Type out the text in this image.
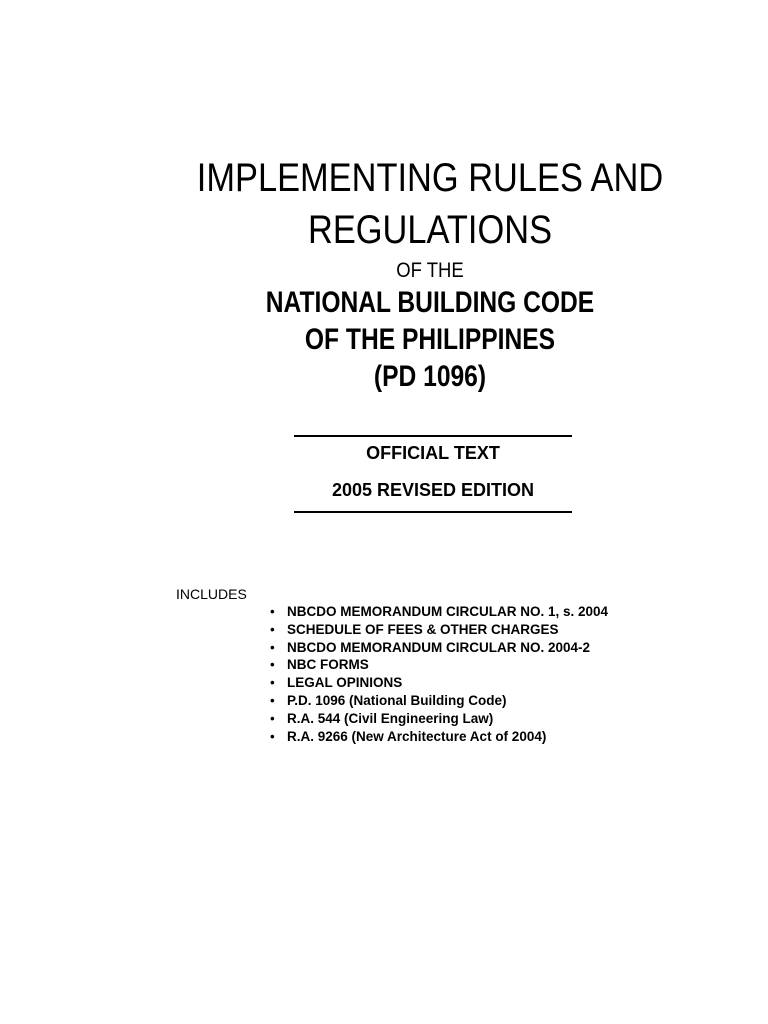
IMPLEMENTING RULES AND
REGULATIONS
OF THE
NATIONAL BUILDING CODE
OF THE PHILIPPINES
(PD 1096)
OFFICIAL TEXT
2005 REVISED EDITION
INCLUDES
• NBCDO MEMORANDUM CIRCULAR NO. 1, s. 2004
• SCHEDULE OF FEES & OTHER CHARGES
• NBCDO MEMORANDUM CIRCULAR NO. 2004-2
• NBC FORMS
• LEGAL OPINIONS
• P.D. 1096 (National Building Code)
• R.A. 544 (Civil Engineering Law)
• R.A. 9266 (New Architecture Act of 2004)
